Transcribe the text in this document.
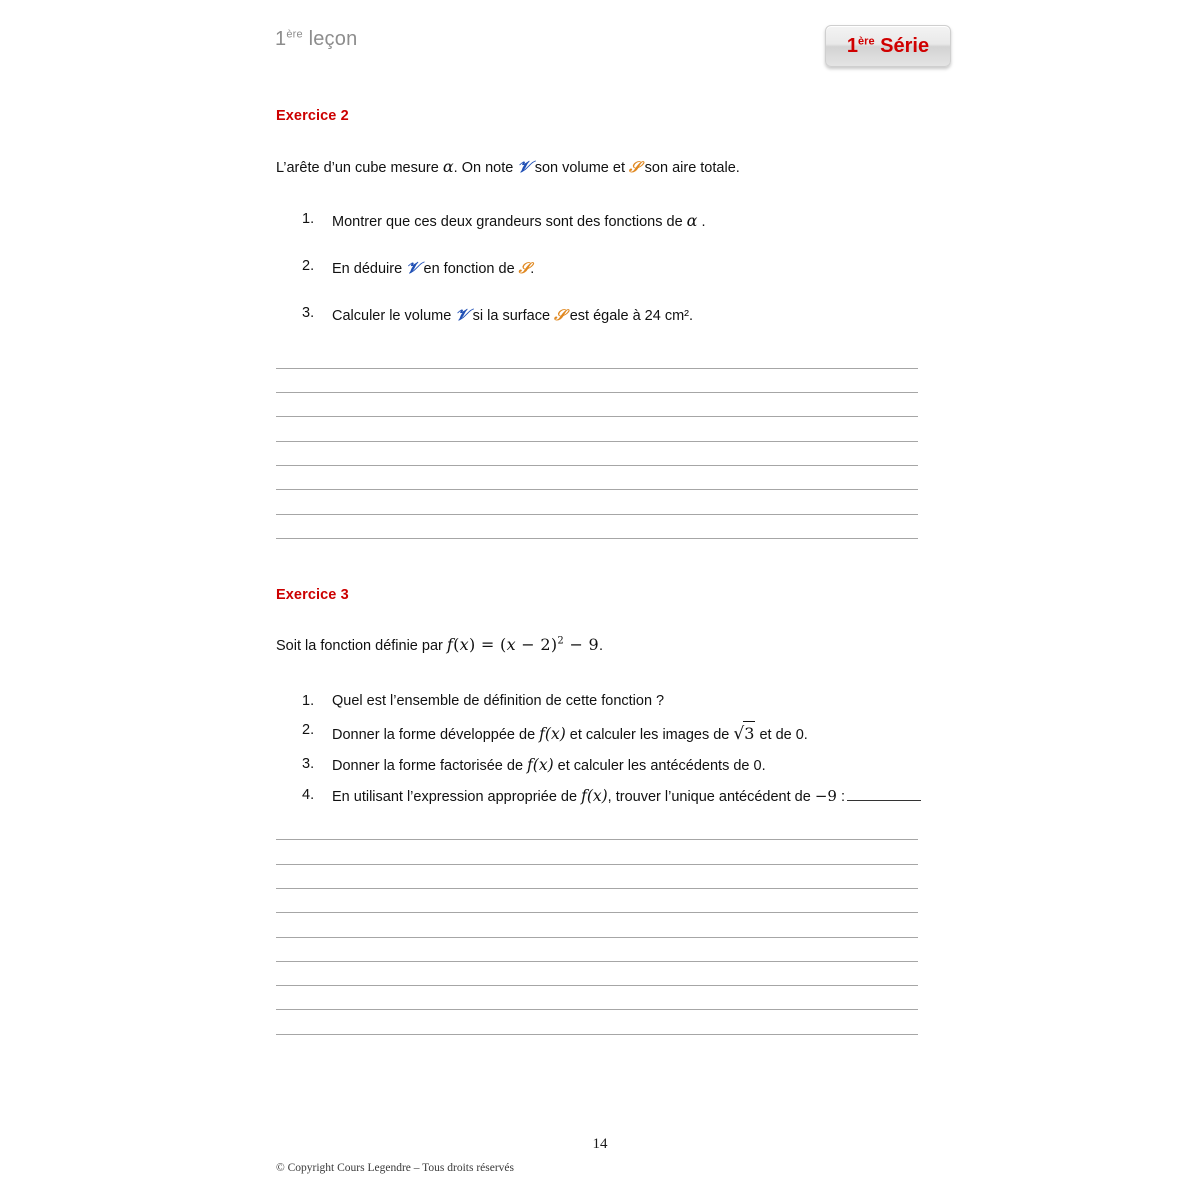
1ère leçon	1ère Série
Exercice 2

L’arête d’un cube mesure α. On note 𝒱 son volume et 𝒮 son aire totale.

1.	Montrer que ces deux grandeurs sont des fonctions de α .
2.	En déduire 𝒱 en fonction de 𝒮.
3.	Calculer le volume 𝒱 si la surface 𝒮 est égale à 24 cm².
Exercice 3

Soit la fonction définie par $f(x) = (x - 2)^2 - 9$.

1.	Quel est l’ensemble de définition de cette fonction ?
2.	Donner la forme développée de f(x) et calculer les images de √3 et de 0.
3.	Donner la forme factorisée de f(x) et calculer les antécédents de 0.
4.	En utilisant l’expression appropriée de f(x), trouver l’unique antécédent de −9 :
14
© Copyright Cours Legendre – Tous droits réservés
